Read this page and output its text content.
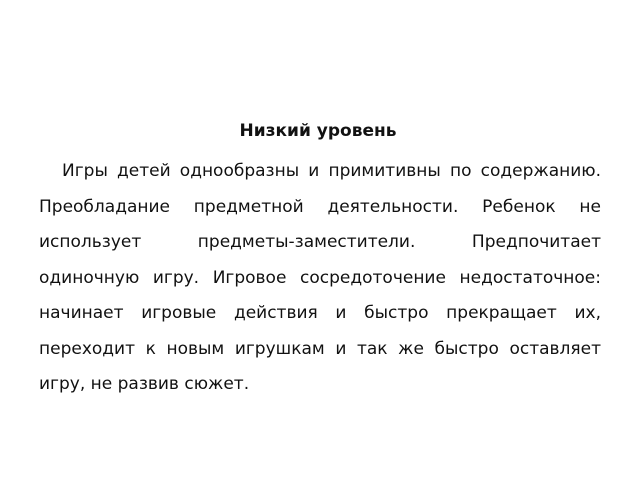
Низкий уровень

Игры детей однообразны и примитивны по содержанию. Преобладание предметной деятельности. Ребенок не использует предметы-заместители. Предпочитает одиночную игру. Игровое сосредоточение недостаточное: начинает игровые действия и быстро прекращает их, переходит к новым игрушкам и так же быстро оставляет игру, не развив сюжет.
